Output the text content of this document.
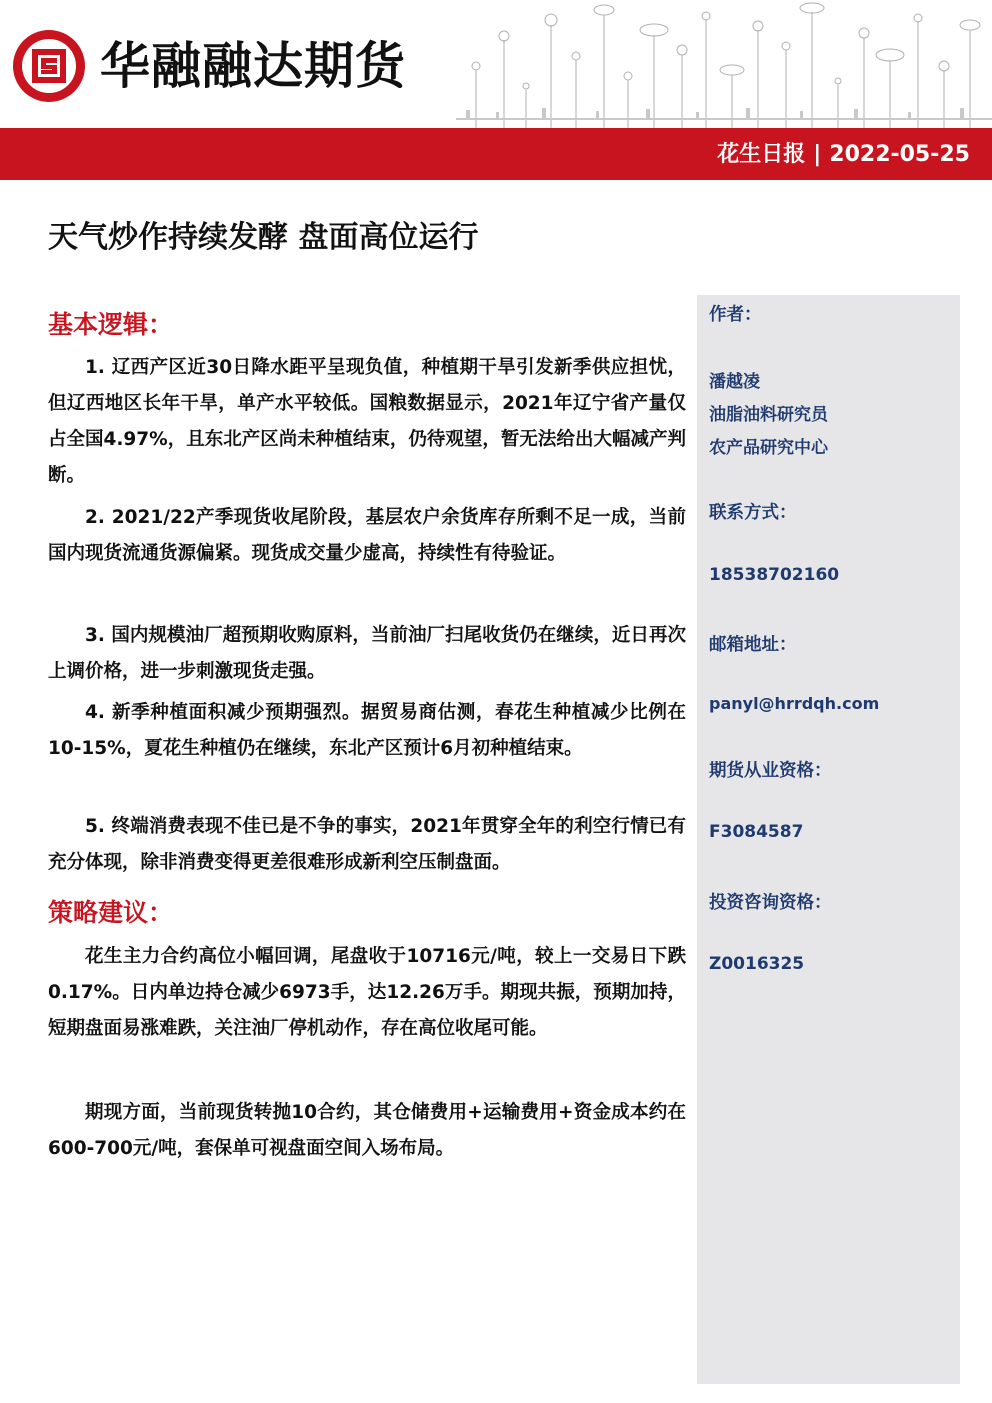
华融融达期货
花生日报 | 2022-05-25
天气炒作持续发酵 盘面高位运行
基本逻辑：

1. 辽西产区近30日降水距平呈现负值，种植期干旱引发新季供应担忧，但辽西地区长年干旱，单产水平较低。国粮数据显示，2021年辽宁省产量仅占全国4.97%，且东北产区尚未种植结束，仍待观望，暂无法给出大幅减产判断。

2. 2021/22产季现货收尾阶段，基层农户余货库存所剩不足一成，当前国内现货流通货源偏紧。现货成交量少虚高，持续性有待验证。

3. 国内规模油厂超预期收购原料，当前油厂扫尾收货仍在继续，近日再次上调价格，进一步刺激现货走强。

4. 新季种植面积减少预期强烈。据贸易商估测，春花生种植减少比例在10-15%，夏花生种植仍在继续，东北产区预计6月初种植结束。

5. 终端消费表现不佳已是不争的事实，2021年贯穿全年的利空行情已有充分体现，除非消费变得更差很难形成新利空压制盘面。

策略建议：

花生主力合约高位小幅回调，尾盘收于10716元/吨，较上一交易日下跌0.17%。日内单边持仓减少6973手，达12.26万手。期现共振，预期加持，短期盘面易涨难跌，关注油厂停机动作，存在高位收尾可能。

期现方面，当前现货转抛10合约，其仓储费用+运输费用+资金成本约在600-700元/吨，套保单可视盘面空间入场布局。

作者：
潘越凌
油脂油料研究员
农产品研究中心
联系方式：
18538702160
邮箱地址：
panyl@hrrdqh.com
期货从业资格：
F3084587
投资咨询资格：
Z0016325
